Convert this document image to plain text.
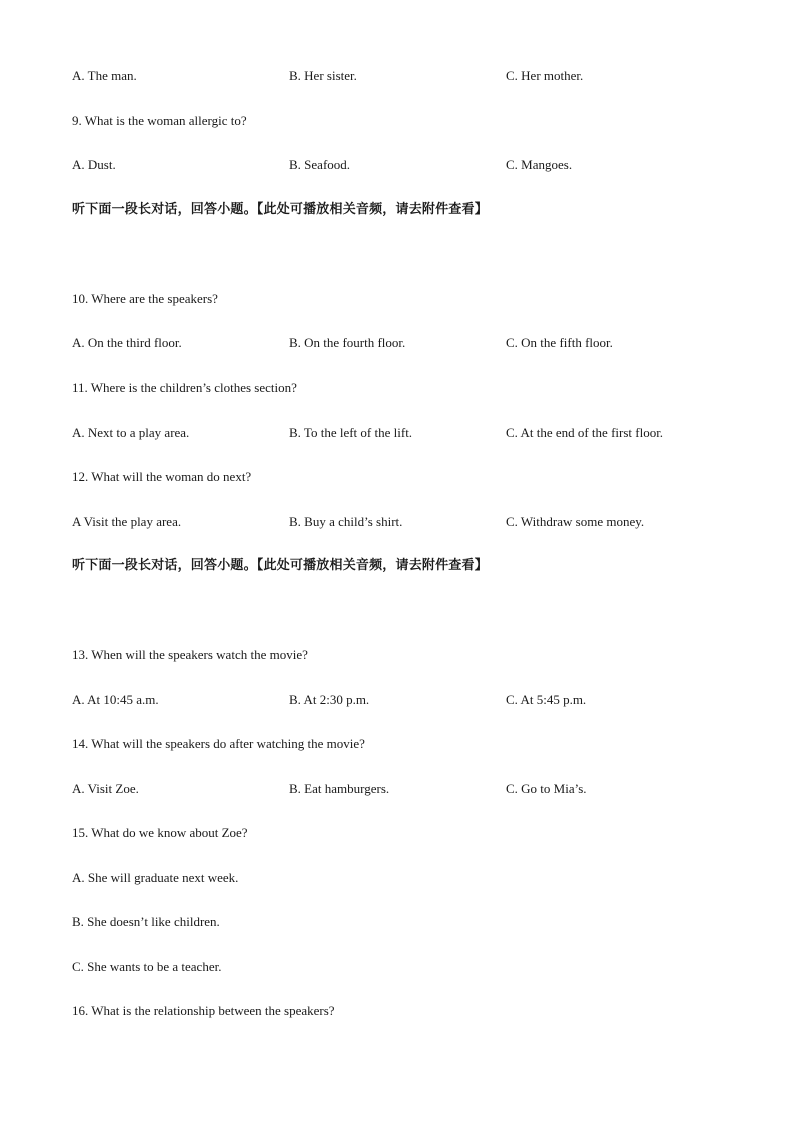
A. The man.	B. Her sister.	C. Her mother.
9. What is the woman allergic to?
A. Dust.	B. Seafood.	C. Mangoes.
听下面一段长对话，回答小题。【此处可播放相关音频，请去附件查看】
10. Where are the speakers?
A. On the third floor.	B. On the fourth floor.	C. On the fifth floor.
11. Where is the children’s clothes section?
A. Next to a play area.	B. To the left of the lift.	C. At the end of the first floor.
12. What will the woman do next?
A Visit the play area.	B. Buy a child’s shirt.	C. Withdraw some money.
听下面一段长对话，回答小题。【此处可播放相关音频，请去附件查看】
13. When will the speakers watch the movie?
A. At 10:45 a.m.	B. At 2:30 p.m.	C. At 5:45 p.m.
14. What will the speakers do after watching the movie?
A. Visit Zoe.	B. Eat hamburgers.	C. Go to Mia’s.
15. What do we know about Zoe?
A. She will graduate next week.
B. She doesn’t like children.
C. She wants to be a teacher.
16. What is the relationship between the speakers?
